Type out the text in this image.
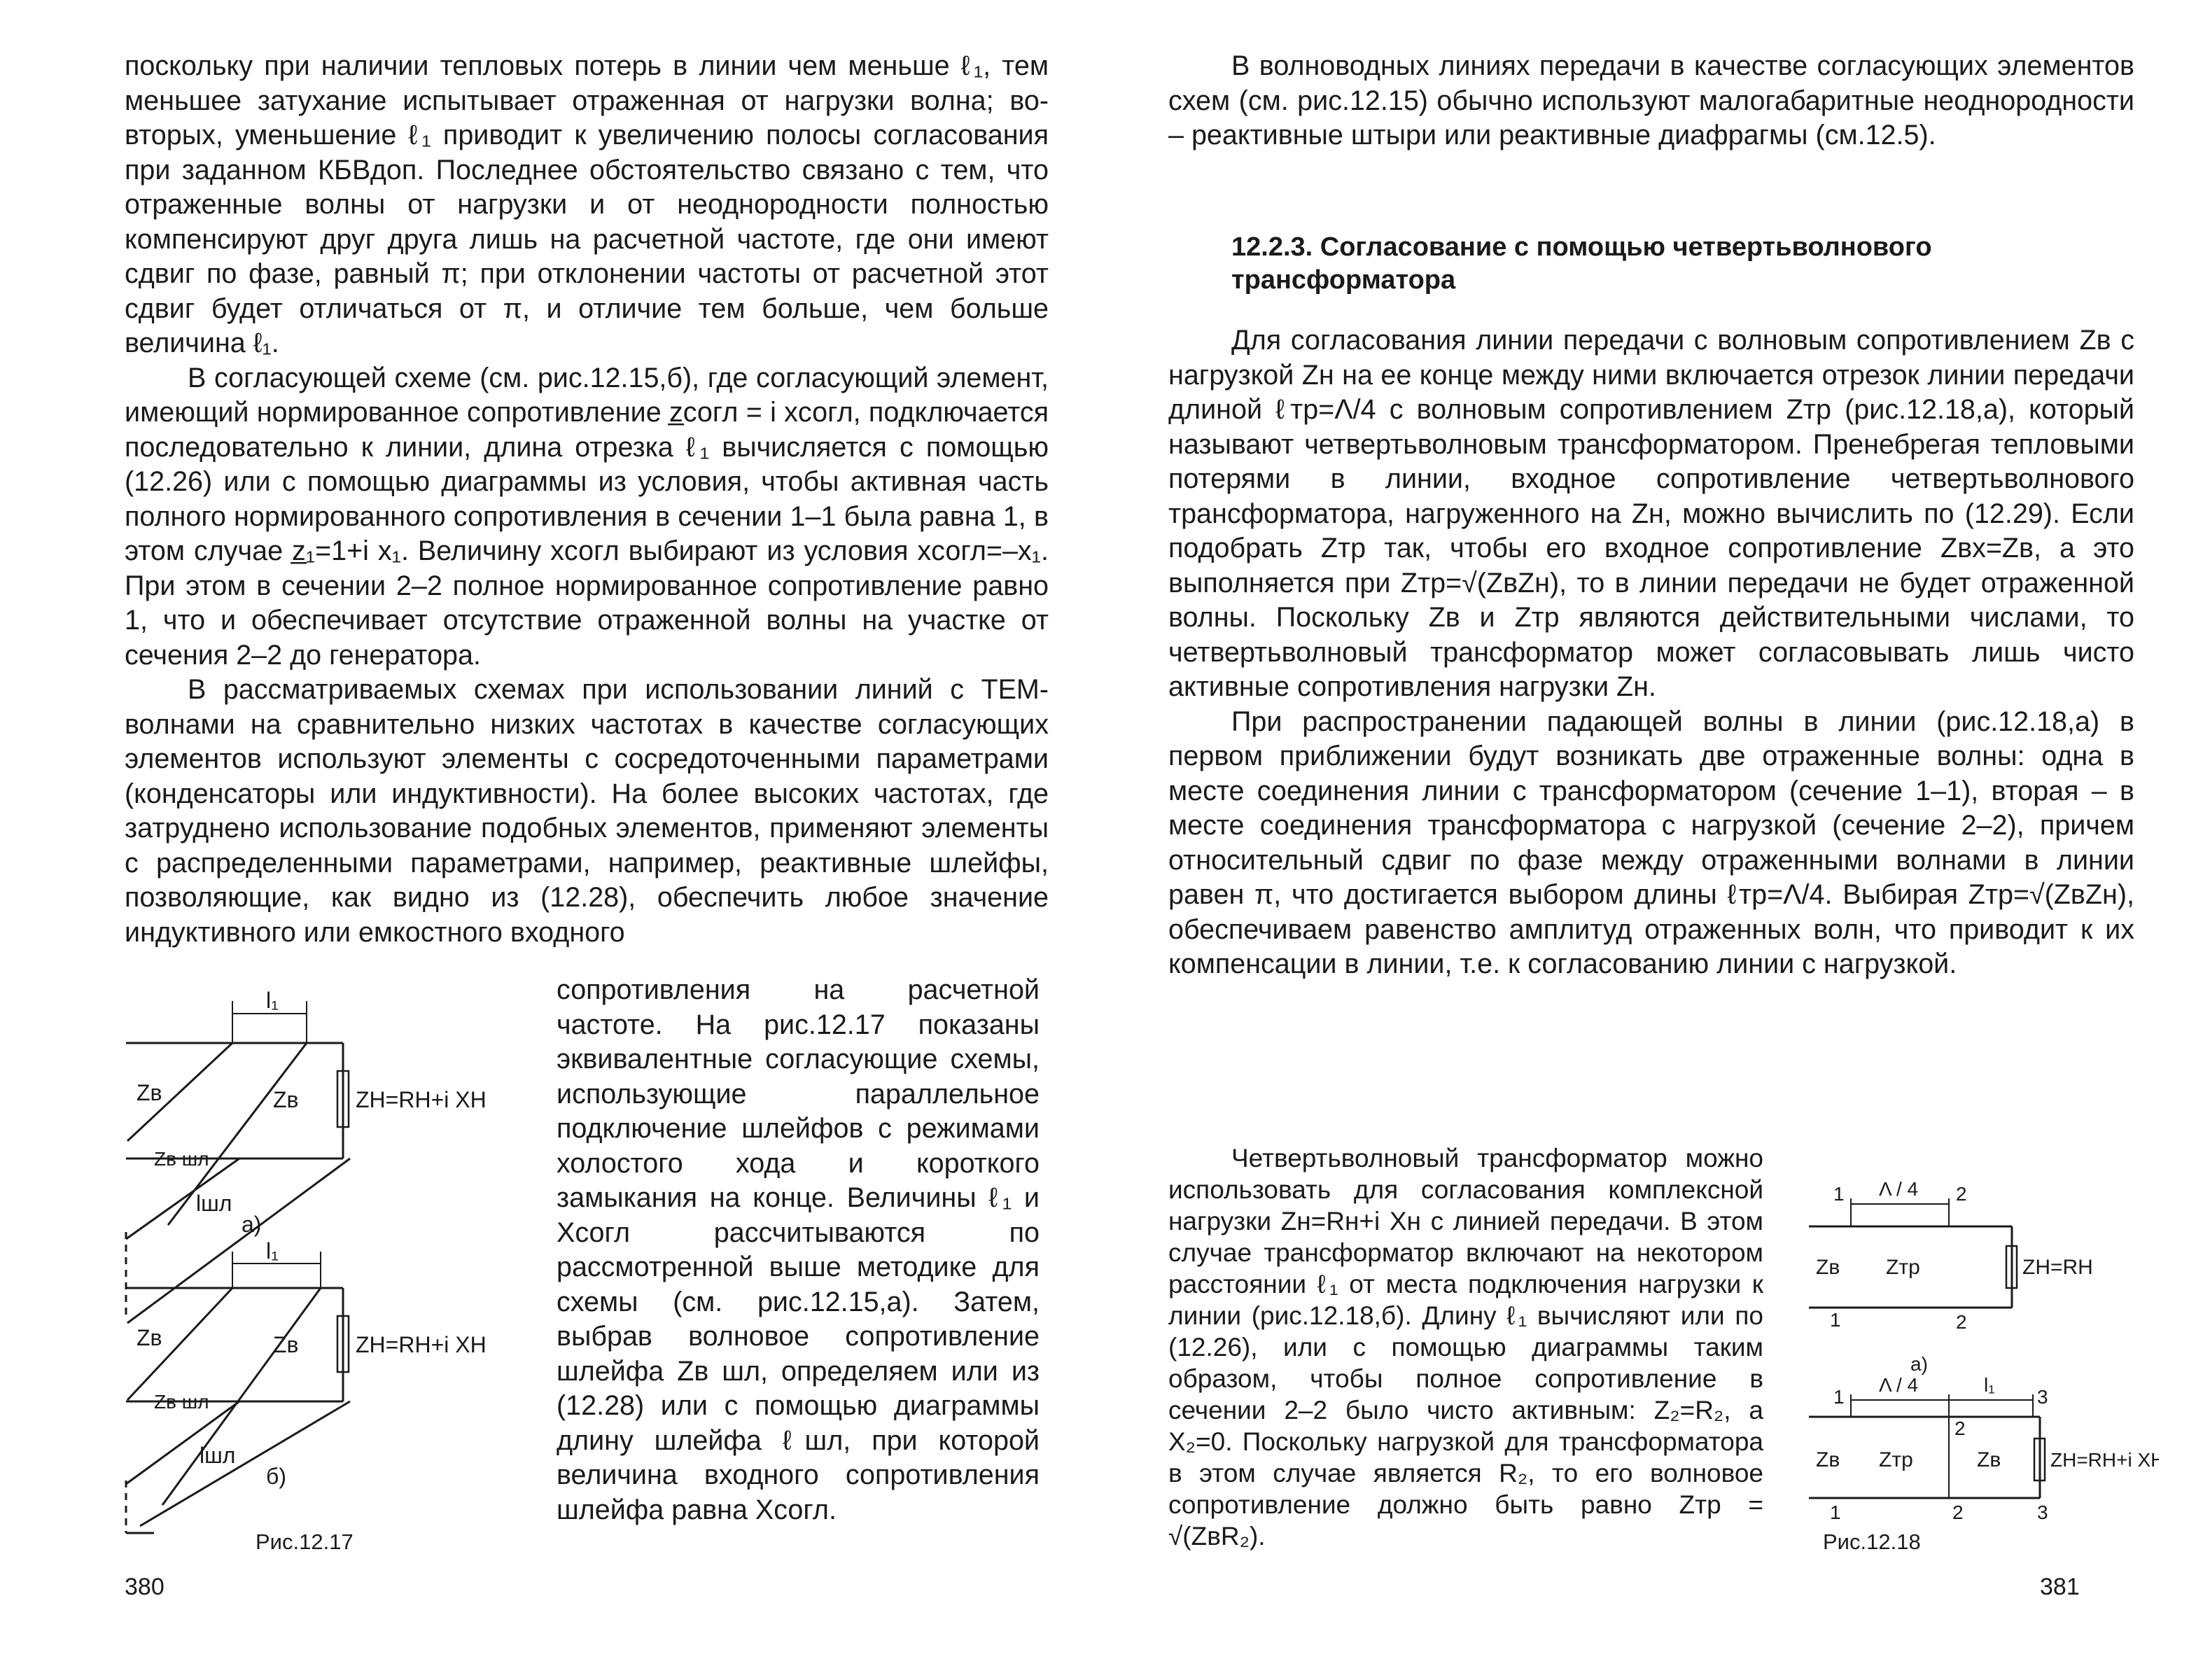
поскольку при наличии тепловых потерь в линии чем меньше ℓ₁, тем меньшее затухание испытывает отраженная от нагрузки волна; во-вторых, уменьшение ℓ₁ приводит к увеличению полосы согласования при заданном КБВдоп. Последнее обстоятельство связано с тем, что отраженные волны от нагрузки и от неоднородности полностью компенсируют друг друга лишь на расчетной частоте, где они имеют сдвиг по фазе, равный π; при отклонении частоты от расчетной этот сдвиг будет отличаться от π, и отличие тем больше, чем больше величина ℓ₁.

В согласующей схеме (см. рис.12.15,б), где согласующий элемент, имеющий нормированное сопротивление z̲согл = i xсогл, подключается последовательно к линии, длина отрезка ℓ₁ вычисляется с помощью (12.26) или с помощью диаграммы из условия, чтобы активная часть полного нормированного сопротивления в сечении 1–1 была равна 1, в этом случае z̲₁=1+i x₁. Величину xсогл выбирают из условия xсогл=–x₁. При этом в сечении 2–2 полное нормированное сопротивление равно 1, что и обеспечивает отсутствие отраженной волны на участке от сечения 2–2 до генератора.

В рассматриваемых схемах при использовании линий с TEM-волнами на сравнительно низких частотах в качестве согласующих элементов используют элементы с сосредоточенными параметрами (конденсаторы или индуктивности). На более высоких частотах, где затруднено использование подобных элементов, применяют элементы с распределенными параметрами, например, реактивные шлейфы, позволяющие, как видно из (12.28), обеспечить любое значение индуктивного или емкостного входного

сопротивления на расчетной частоте. На рис.12.17 показаны эквивалентные согласующие схемы, использующие параллельное подключение шлейфов с режимами холостого хода и короткого замыкания на конце. Величины ℓ₁ и Xсогл рассчитываются по рассмотренной выше методике для схемы (см. рис.12.15,а). Затем, выбрав волновое сопротивление шлейфа Zв шл, определяем или из (12.28) или с помощью диаграммы длину шлейфа ℓшл, при которой величина входного сопротивления шлейфа равна Xсогл.

l₁
Zв	Zв	ZН=RН+i XН
Zв шл
lшл
а)
l₁
Zв	Zв	ZН=RН+i XН
Zв шл
lшл
б)
Рис.12.17
380

В волноводных линиях передачи в качестве согласующих элементов схем (см. рис.12.15) обычно используют малогабаритные неоднородности – реактивные штыри или реактивные диафрагмы (см.12.5).

12.2.3. Согласование с помощью четвертьволнового трансформатора

Для согласования линии передачи с волновым сопротивлением Zв с нагрузкой Zн на ее конце между ними включается отрезок линии передачи длиной ℓтр=Λ/4 с волновым сопротивлением Zтр (рис.12.18,а), который называют четвертьволновым трансформатором. Пренебрегая тепловыми потерями в линии, входное сопротивление четвертьволнового трансформатора, нагруженного на Zн, можно вычислить по (12.29). Если подобрать Zтр так, чтобы его входное сопротивление Zвх=Zв, а это выполняется при Zтр=√(ZвZн), то в линии передачи не будет отраженной волны. Поскольку Zв и Zтр являются действительными числами, то четвертьволновый трансформатор может согласовывать лишь чисто активные сопротивления нагрузки Zн.

При распространении падающей волны в линии (рис.12.18,а) в первом приближении будут возникать две отраженные волны: одна в месте соединения линии с трансформатором (сечение 1–1), вторая – в месте соединения трансформатора с нагрузкой (сечение 2–2), причем относительный сдвиг по фазе между отраженными волнами в линии равен π, что достигается выбором длины ℓтр=Λ/4. Выбирая Zтр=√(ZвZн), обеспечиваем равенство амплитуд отраженных волн, что приводит к их компенсации в линии, т.е. к согласованию линии с нагрузкой.

Четвертьволновый трансформатор можно использовать для согласования комплексной нагрузки Zн=Rн+i Xн с линией передачи. В этом случае трансформатор включают на некотором расстоянии ℓ₁ от места подключения нагрузки к линии (рис.12.18,б). Длину ℓ₁ вычисляют или по (12.26), или с помощью диаграммы таким образом, чтобы полное сопротивление в сечении 2–2 было чисто активным: Z₂=R₂, а X₂=0. Поскольку нагрузкой для трансформатора в этом случае является R₂, то его волновое сопротивление должно быть равно Zтр = √(ZвR₂).

Λ / 4
1	2
Zв Zтр	ZН=RН
1	2
а)
Λ / 4	l₁
1
2
3
Zв Zтр	Zв	ZН=RН+i XН
1	2	3
Рис.12.18
381
